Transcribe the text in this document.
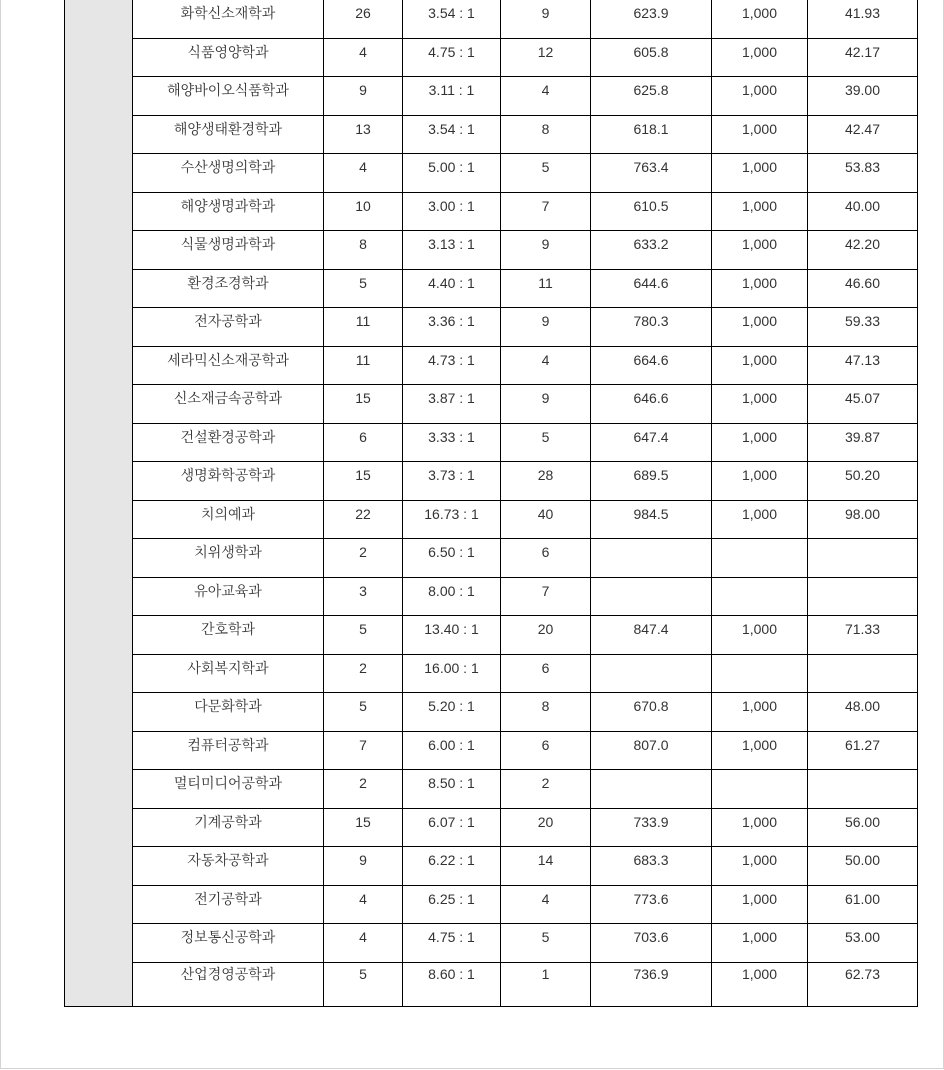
	화학신소재학과	26	3.54 : 1	9	623.9	1,000	41.93
	식품영양학과	4	4.75 : 1	12	605.8	1,000	42.17
	해양바이오식품학과	9	3.11 : 1	4	625.8	1,000	39.00
	해양생태환경학과	13	3.54 : 1	8	618.1	1,000	42.47
	수산생명의학과	4	5.00 : 1	5	763.4	1,000	53.83
	해양생명과학과	10	3.00 : 1	7	610.5	1,000	40.00
	식물생명과학과	8	3.13 : 1	9	633.2	1,000	42.20
	환경조경학과	5	4.40 : 1	11	644.6	1,000	46.60
	전자공학과	11	3.36 : 1	9	780.3	1,000	59.33
	세라믹신소재공학과	11	4.73 : 1	4	664.6	1,000	47.13
	신소재금속공학과	15	3.87 : 1	9	646.6	1,000	45.07
	건설환경공학과	6	3.33 : 1	5	647.4	1,000	39.87
	생명화학공학과	15	3.73 : 1	28	689.5	1,000	50.20
	치의예과	22	16.73 : 1	40	984.5	1,000	98.00
	치위생학과	2	6.50 : 1	6			
	유아교육과	3	8.00 : 1	7			
	간호학과	5	13.40 : 1	20	847.4	1,000	71.33
	사회복지학과	2	16.00 : 1	6			
	다문화학과	5	5.20 : 1	8	670.8	1,000	48.00
	컴퓨터공학과	7	6.00 : 1	6	807.0	1,000	61.27
	멀티미디어공학과	2	8.50 : 1	2			
	기계공학과	15	6.07 : 1	20	733.9	1,000	56.00
	자동차공학과	9	6.22 : 1	14	683.3	1,000	50.00
	전기공학과	4	6.25 : 1	4	773.6	1,000	61.00
	정보통신공학과	4	4.75 : 1	5	703.6	1,000	53.00
	산업경영공학과	5	8.60 : 1	1	736.9	1,000	62.73
